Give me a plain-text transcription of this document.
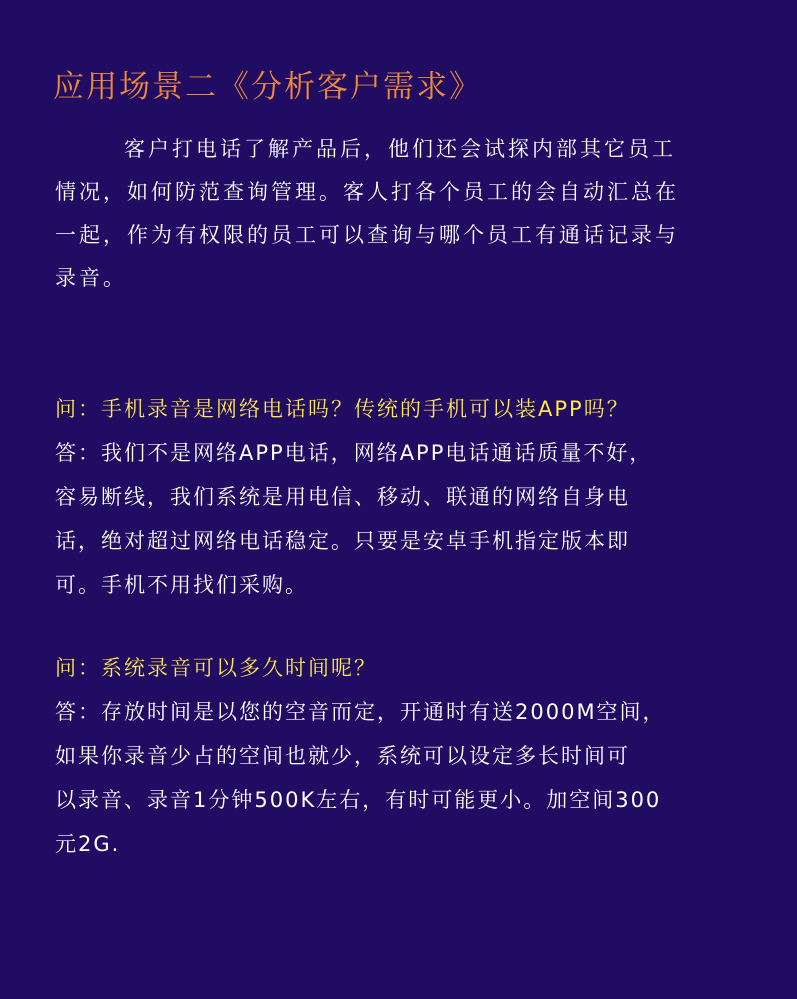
应用场景二《分析客户需求》
客户打电话了解产品后，他们还会试探内部其它员工
情况，如何防范查询管理。客人打各个员工的会自动汇总在
一起，作为有权限的员工可以查询与哪个员工有通话记录与
录音。
问：手机录音是网络电话吗？传统的手机可以装APP吗？
答：我们不是网络APP电话，网络APP电话通话质量不好，
容易断线，我们系统是用电信、移动、联通的网络自身电
话，绝对超过网络电话稳定。只要是安卓手机指定版本即
可。手机不用找们采购。
问：系统录音可以多久时间呢？
答：存放时间是以您的空音而定，开通时有送2000M空间，
如果你录音少占的空间也就少，系统可以设定多长时间可
以录音、录音1分钟500K左右，有时可能更小。加空间300
元2G.
